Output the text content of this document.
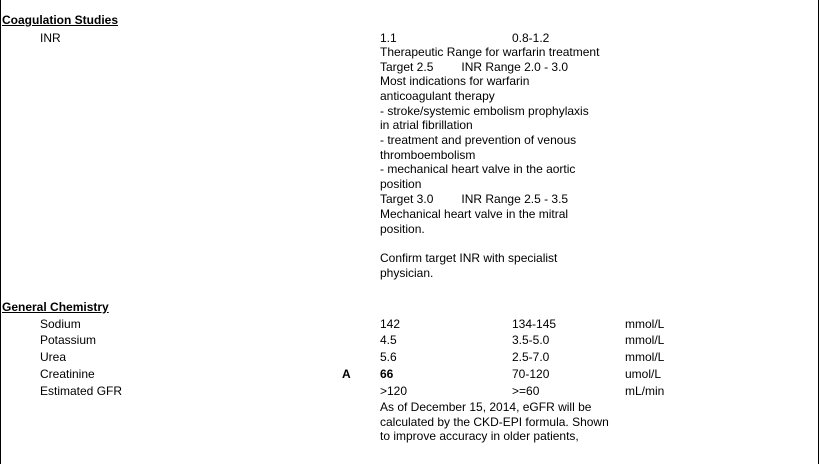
Coagulation Studies
INR	1.1	0.8-1.2
Therapeutic Range for warfarin treatment
Target 2.5 INR Range 2.0 - 3.0
Most indications for warfarin
anticoagulant therapy
- stroke/systemic embolism prophylaxis
in atrial fibrillation
- treatment and prevention of venous
thromboembolism
- mechanical heart valve in the aortic
position
Target 3.0 INR Range 2.5 - 3.5
Mechanical heart valve in the mitral
position.
Confirm target INR with specialist
physician.
General Chemistry
Sodium	142	134-145	mmol/L
Potassium	4.5	3.5-5.0	mmol/L
Urea	5.6	2.5-7.0	mmol/L
Creatinine	A 66	70-120	umol/L
Estimated GFR	>120	>=60	mL/min
As of December 15, 2014, eGFR will be
calculated by the CKD-EPI formula. Shown
to improve accuracy in older patients,
